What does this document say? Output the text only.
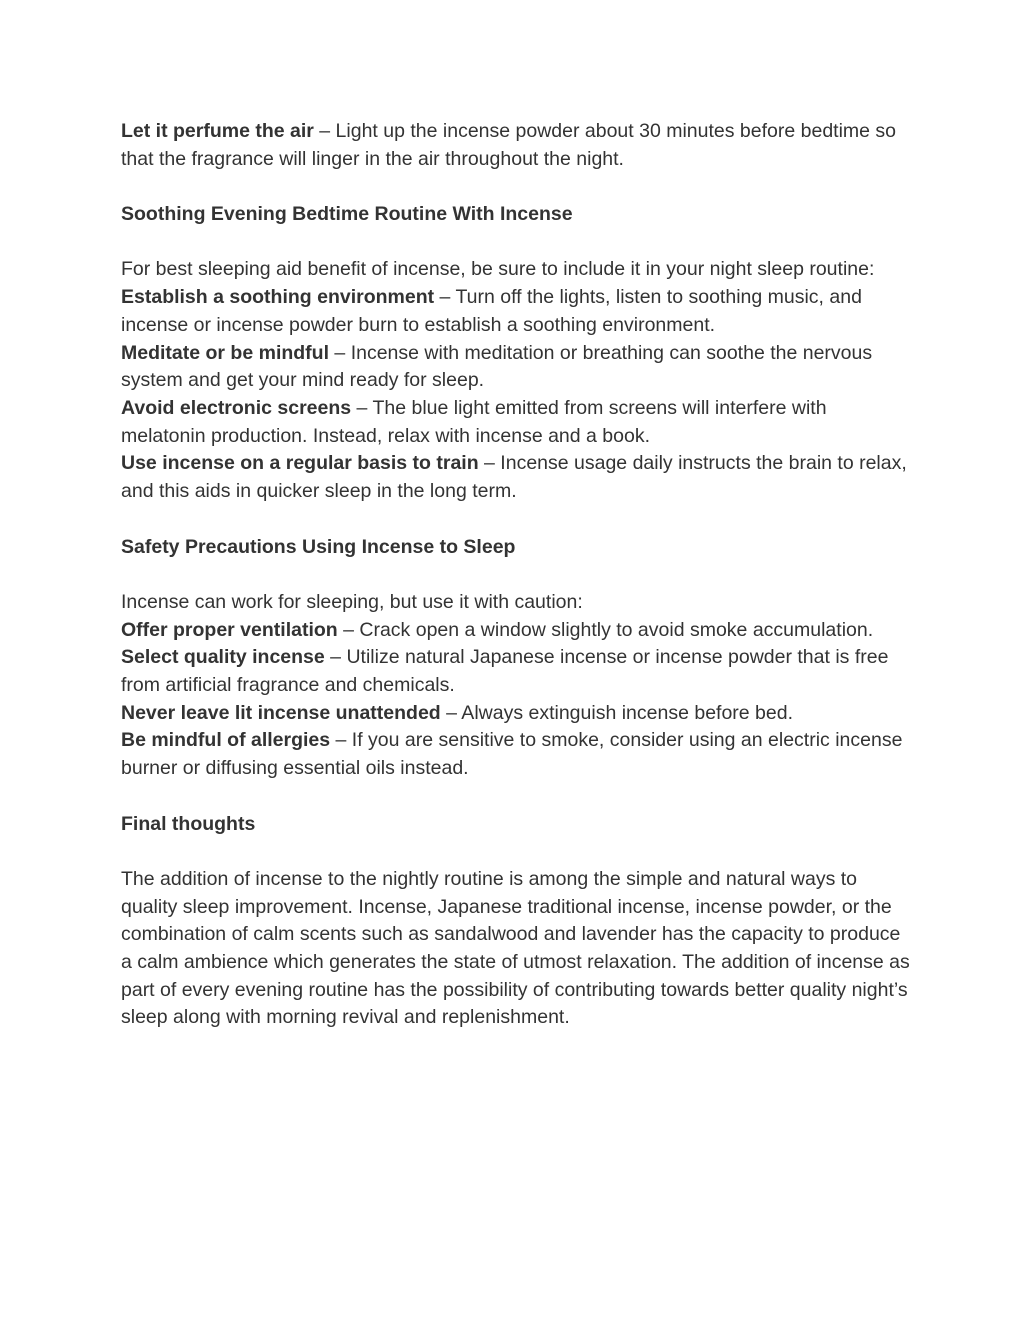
Let it perfume the air – Light up the incense powder about 30 minutes before bedtime so that the fragrance will linger in the air throughout the night.

Soothing Evening Bedtime Routine With Incense

For best sleeping aid benefit of incense, be sure to include it in your night sleep routine:

Establish a soothing environment – Turn off the lights, listen to soothing music, and incense or incense powder burn to establish a soothing environment.

Meditate or be mindful – Incense with meditation or breathing can soothe the nervous system and get your mind ready for sleep.

Avoid electronic screens – The blue light emitted from screens will interfere with melatonin production. Instead, relax with incense and a book.

Use incense on a regular basis to train – Incense usage daily instructs the brain to relax, and this aids in quicker sleep in the long term.

Safety Precautions Using Incense to Sleep

Incense can work for sleeping, but use it with caution:

Offer proper ventilation – Crack open a window slightly to avoid smoke accumulation.

Select quality incense – Utilize natural Japanese incense or incense powder that is free from artificial fragrance and chemicals.

Never leave lit incense unattended – Always extinguish incense before bed.

Be mindful of allergies – If you are sensitive to smoke, consider using an electric incense burner or diffusing essential oils instead.

Final thoughts

The addition of incense to the nightly routine is among the simple and natural ways to quality sleep improvement. Incense, Japanese traditional incense, incense powder, or the combination of calm scents such as sandalwood and lavender has the capacity to produce a calm ambience which generates the state of utmost relaxation. The addition of incense as part of every evening routine has the possibility of contributing towards better quality night’s sleep along with morning revival and replenishment.
